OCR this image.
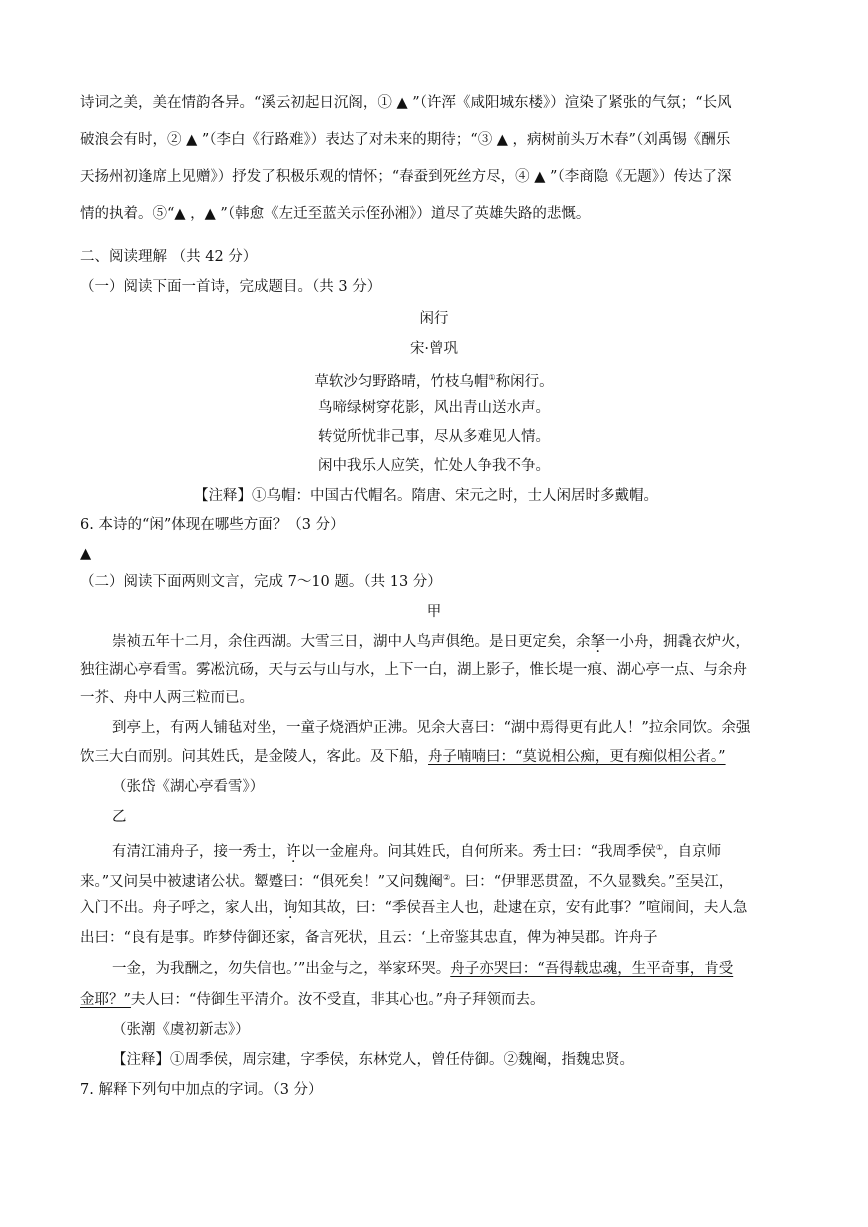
诗词之美，美在情韵各异。“溪云初起日沉阁，① ▲ ”（许浑《咸阳城东楼》）渲染了紧张的气氛；“长风
破浪会有时，② ▲ ”（李白《行路难》）表达了对未来的期待；“③ ▲ ，病树前头万木春”（刘禹锡《酬乐
天扬州初逢席上见赠》）抒发了积极乐观的情怀；“春蚕到死丝方尽，④ ▲ ”（李商隐《无题》）传达了深
情的执着。⑤“▲ ，▲ ”（韩愈《左迁至蓝关示侄孙湘》）道尽了英雄失路的悲慨。
二、阅读理解 （共 42 分）
（一）阅读下面一首诗，完成题目。（共 3 分）
闲行
宋·曾巩
草软沙匀野路晴，竹枝乌帽①称闲行。
鸟啼绿树穿花影，风出青山送水声。
转觉所忧非己事，尽从多难见人情。
闲中我乐人应笑，忙处人争我不争。
【注释】①乌帽：中国古代帽名。隋唐、宋元之时，士人闲居时多戴帽。
6. 本诗的“闲”体现在哪些方面？（3 分）
▲
（二）阅读下面两则文言，完成 7～10 题。（共 13 分）
甲
崇祯五年十二月，余住西湖。大雪三日，湖中人鸟声俱绝。是日更定矣，余拏一小舟，拥毳衣炉火，
独往湖心亭看雪。雾凇沆砀，天与云与山与水，上下一白，湖上影子，惟长堤一痕、湖心亭一点、与余舟
一芥、舟中人两三粒而已。
到亭上，有两人铺毡对坐，一童子烧酒炉正沸。见余大喜曰：“湖中焉得更有此人！”拉余同饮。余强
饮三大白而别。问其姓氏，是金陵人，客此。及下船，舟子喃喃曰：“莫说相公痴，更有痴似相公者。”
（张岱《湖心亭看雪》）
乙
有清江浦舟子，接一秀士，许以一金雇舟。问其姓氏，自何所来。秀士曰：“我周季侯①，自京师
来。”又问吴中被逮诸公状。颦蹙曰：“俱死矣！”又问魏阉②。曰：“伊罪恶贯盈，不久显戮矣。”至吴江，
入门不出。舟子呼之，家人出，询知其故，曰：“季侯吾主人也，赴逮在京，安有此事？”喧闹间，夫人急
出曰：“良有是事。昨梦侍御还家，备言死状，且云：‘上帝鉴其忠直，俾为神吴郡。许舟子
一金，为我酬之，勿失信也。’”出金与之，举家环哭。舟子亦哭曰：“吾得载忠魂，生平奇事，肯受
金耶？”夫人曰：“侍御生平清介。汝不受直，非其心也。”舟子拜领而去。
（张潮《虞初新志》）
【注释】①周季侯，周宗建，字季侯，东林党人，曾任侍御。②魏阉，指魏忠贤。
7. 解释下列句中加点的字词。（3 分）
